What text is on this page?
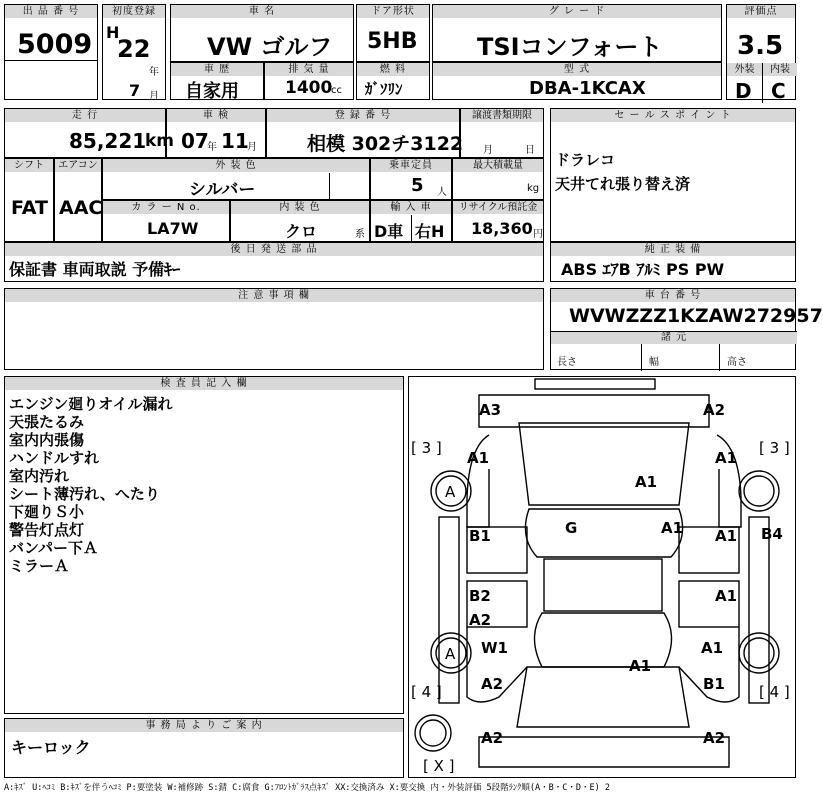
出 品 番 号
5009
初度登録
H
22
年
7 月
車 名
VW ゴルフ
ドア形状
5HB
グ レ ー ド
TSIコンフォート
評価点
3.5
外装	内装
D C
車 歴
自家用
排 気 量
1400
cc
燃 料
ｶﾞｿﾘﾝ
型 式
DBA-1KCAX
走 行
85,221
km
車 検
07
年 11
月
登 録 番 号
相模 302チ3122
譲渡書類期限
月	日
セ ー ル ス ポ イ ン ト
ドラレコ
天井てれ張り替え済
シフト
FAT
エアコン
AAC
外 装 色
シルバー
乗車定員
5 人
最大積載量
kg
カ ラ ー N o.
LA7W
内 装 色
クロ	系
輸 入 車
D車 右H
リサイクル預託金
18,360 円
後 日 発 送 部 品
保証書 車両取説 予備ｷｰ
純 正 装 備
ABS ｴｱB ｱﾙﾐ PS PW
注 意 事 項 欄	車 台 番 号
WVWZZZ1KZAW272957
諸 元
長さ	幅	高さ
検 査 員 記 入 欄
エンジン廻りオイル漏れ
天張たるみ
室内内張傷
ハンドルすれ
室内汚れ
シート薄汚れ、へたり
下廻りＳ小
警告灯点灯
バンパー下Ａ
ミラーＡ
事 務 局 よ り ご 案 内
キーロック
[ 3 ]	[ 3 ]
[ 4 ]	[ 4 ]
[ X ]
A3	A2
A1	A1
A
A1
G	A1	B4
B1	A1
B2	A1
A2
A W1	A1
A1
A2	B1
A2	A2
A:ｷｽﾞ U:ﾍｺﾐ B:ｷｽﾞを伴うﾍｺﾐ P:要塗装 W:補修跡 S:錆 C:腐食 G:ﾌﾛﾝﾄｶﾞﾗｽ点ｷｽﾞ XX:交換済み X:要交換 内・外装評価 5段階ﾗﾝｸ順(A・B・C・D・E) 2
